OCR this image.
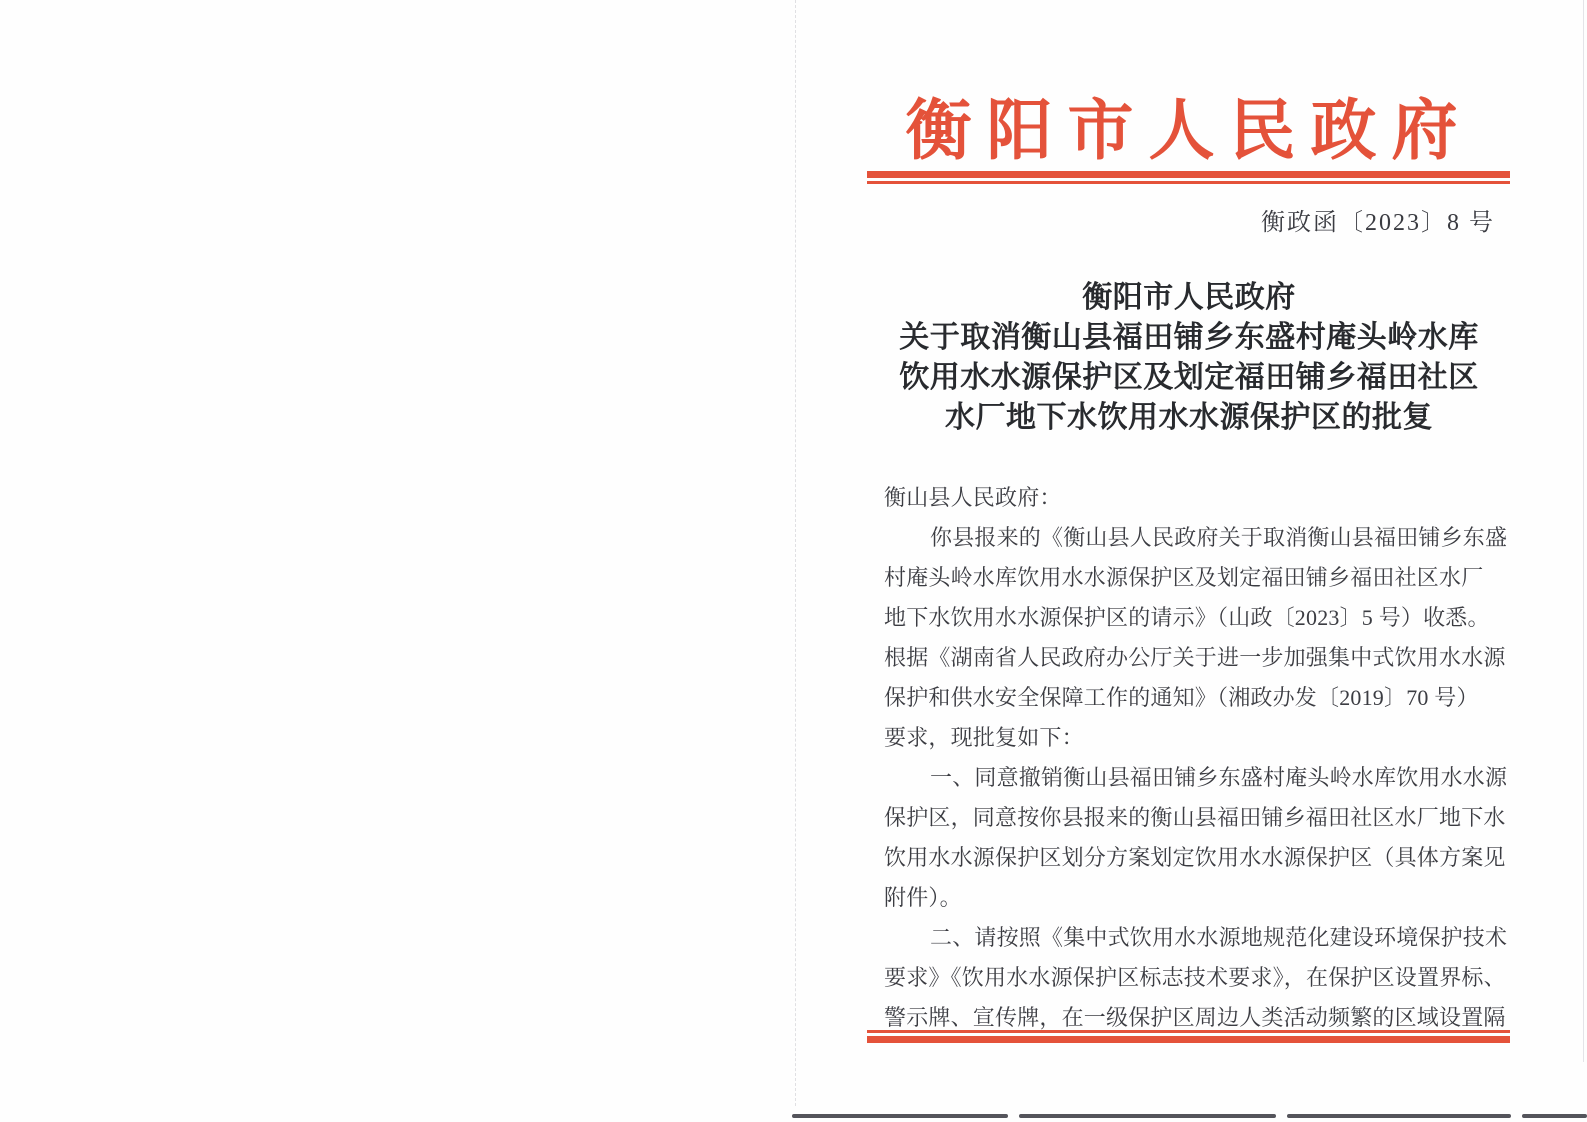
衡阳市人民政府
衡政函〔2023〕8 号
衡阳市人民政府
关于取消衡山县福田铺乡东盛村庵头岭水库
饮用水水源保护区及划定福田铺乡福田社区
水厂地下水饮用水水源保护区的批复
衡山县人民政府：
你县报来的《衡山县人民政府关于取消衡山县福田铺乡东盛
村庵头岭水库饮用水水源保护区及划定福田铺乡福田社区水厂
地下水饮用水水源保护区的请示》（山政〔2023〕5 号）收悉。
根据《湖南省人民政府办公厅关于进一步加强集中式饮用水水源
保护和供水安全保障工作的通知》（湘政办发〔2019〕70 号）
要求，现批复如下：
一、同意撤销衡山县福田铺乡东盛村庵头岭水库饮用水水源
保护区，同意按你县报来的衡山县福田铺乡福田社区水厂地下水
饮用水水源保护区划分方案划定饮用水水源保护区（具体方案见
附件）。
二、请按照《集中式饮用水水源地规范化建设环境保护技术
要求》《饮用水水源保护区标志技术要求》，在保护区设置界标、
警示牌、宣传牌，在一级保护区周边人类活动频繁的区域设置隔
